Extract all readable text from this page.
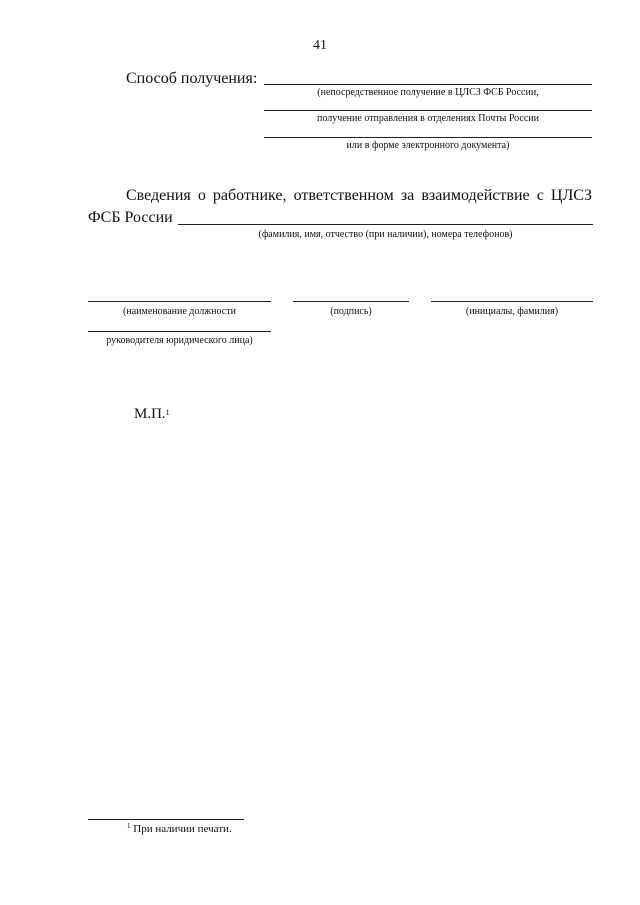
41
Способ получения:
(непосредственное получение в ЦЛСЗ ФСБ России,
получение отправления в отделениях Почты России
или в форме электронного документа)
Сведения о работнике, ответственном за взаимодействие с ЦЛСЗ
ФСБ России
(фамилия, имя, отчество (при наличии), номера телефонов)
(наименование должности
руководителя юридического лица)
(подпись)	(инициалы, фамилия)
М.П.$^1$
$^1$ При наличии печати.
